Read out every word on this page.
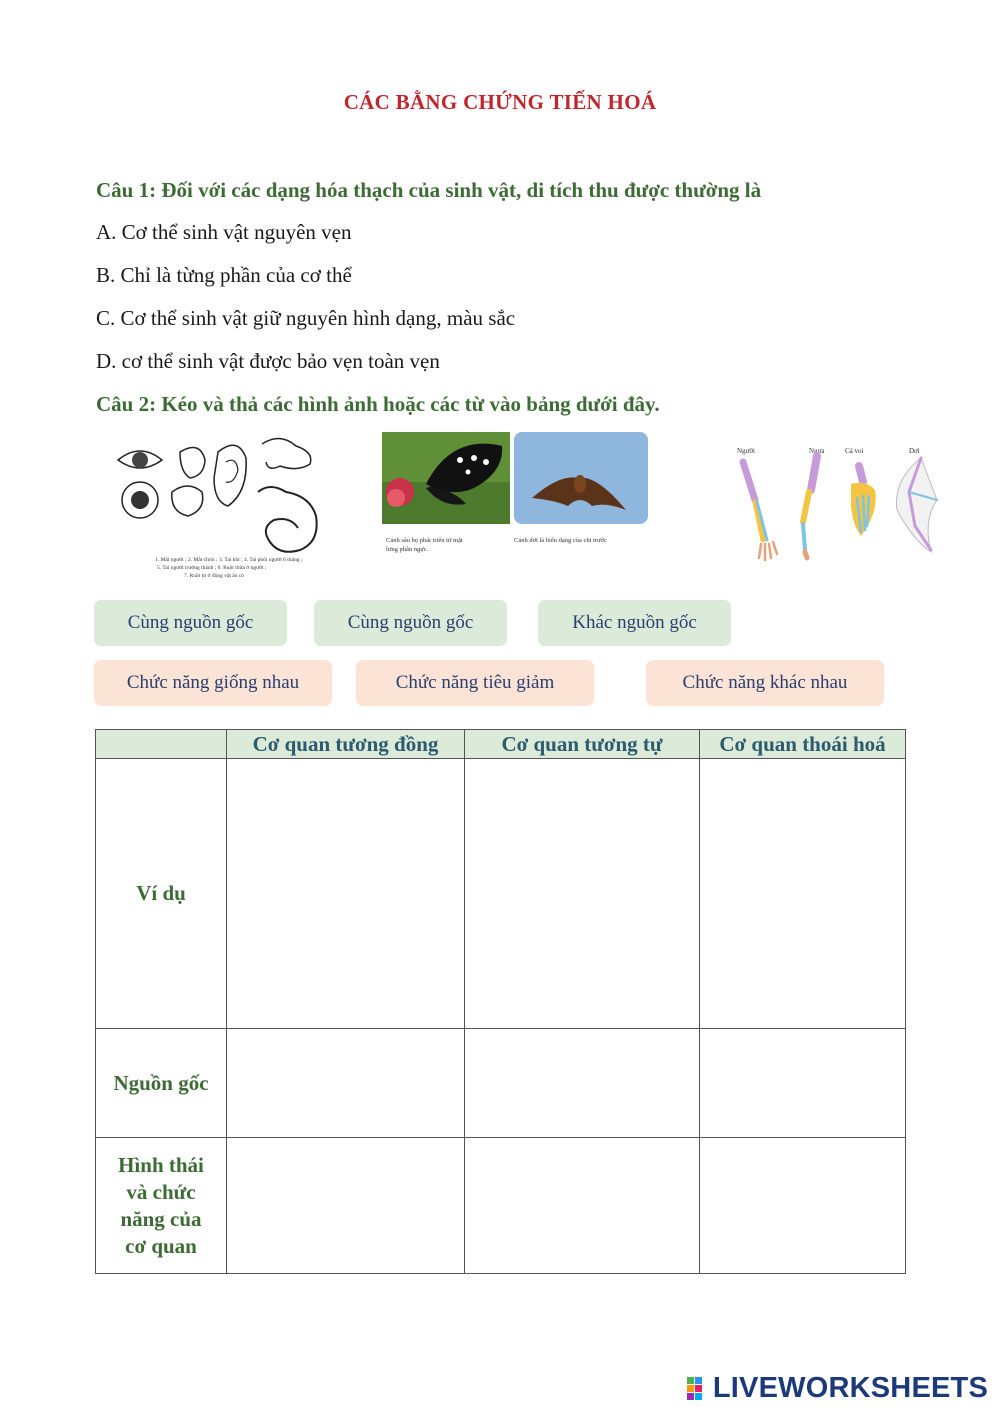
CÁC BẰNG CHỨNG TIẾN HOÁ
Câu 1: Đối với các dạng hóa thạch của sinh vật, di tích thu được thường là
A. Cơ thể sinh vật nguyên vẹn
B. Chỉ là từng phần của cơ thể
C. Cơ thể sinh vật giữ nguyên hình dạng, màu sắc
D. cơ thể sinh vật được bảo vẹn toàn vẹn
Câu 2: Kéo và thả các hình ảnh hoặc các từ vào bảng dưới đây.
1. Mắt người ; 2. Mắt chim ; 3. Tai khỉ ; 4. Tai phôi người 6 tháng ;
5. Tai người trưởng thành ; 6. Ruột thừa ở người ;
7. Ruột tịt ở động vật ăn cỏ
Cánh sâu bọ phát triển từ mặt
lưng phần ngực.
Cánh dơi là biến dạng của chi trước
Người	Ngựa	Cá voi	Dơi
Cùng nguồn gốc	Cùng nguồn gốc	Khác nguồn gốc
Chức năng giống nhau	Chức năng tiêu giảm	Chức năng khác nhau
	Cơ quan tương đồng	Cơ quan tương tự	Cơ quan thoái hoá
Ví dụ			
Nguồn gốc			

Hình thái
và chức
năng của
cơ quan			

LIVEWORKSHEETS
